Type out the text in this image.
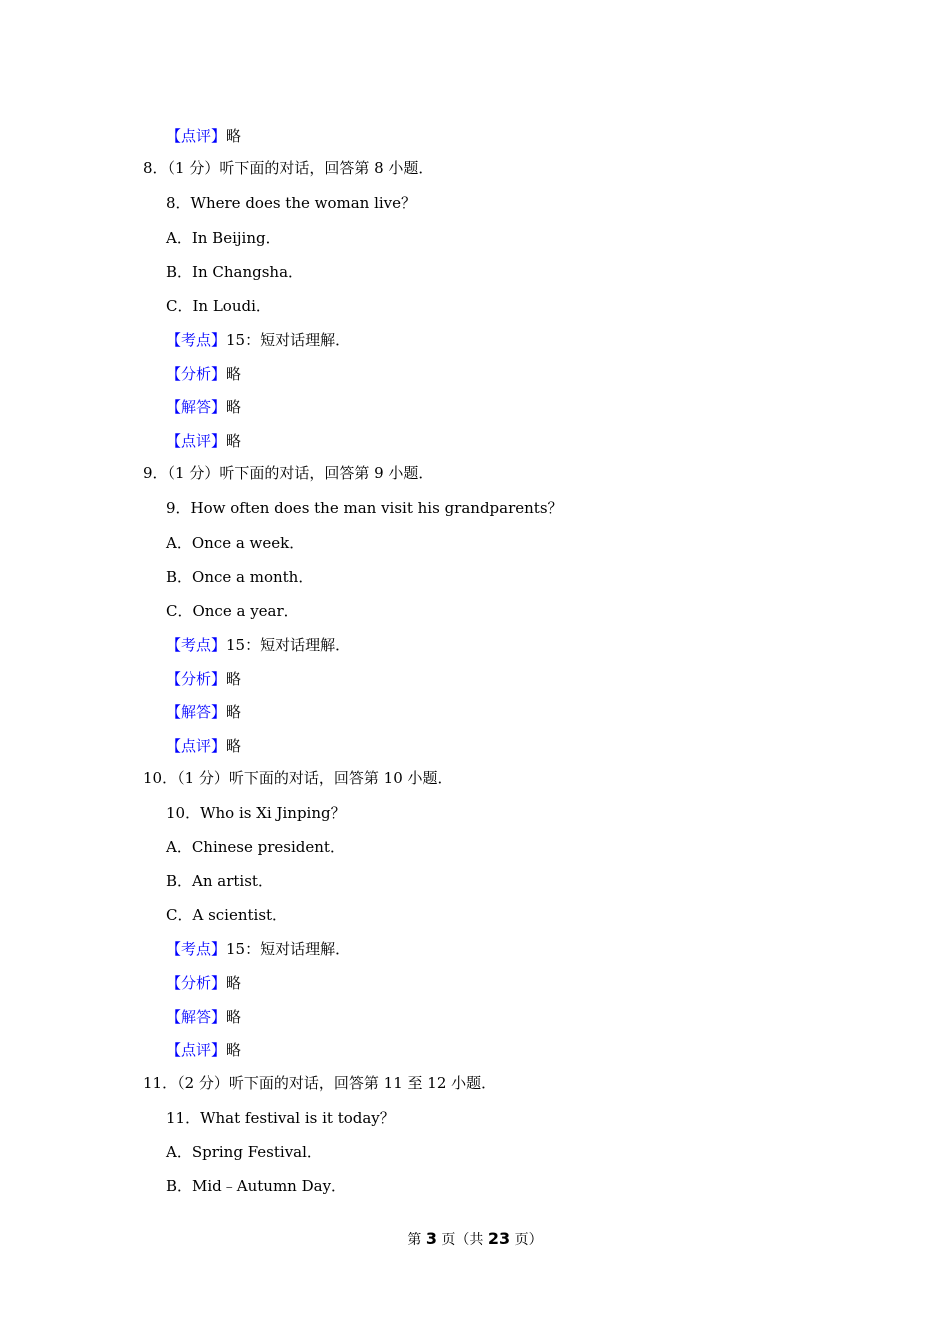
【点评】略
8．（1 分）听下面的对话，回答第 8 小题．
8．Where does the woman live？
A．In Beijing．
B．In Changsha．
C．In Loudi．
【考点】15：短对话理解．
【分析】略
【解答】略
【点评】略
9．（1 分）听下面的对话，回答第 9 小题．
9．How often does the man visit his grandparents？
A．Once a week．
B．Once a month．
C．Once a year．
【考点】15：短对话理解．
【分析】略
【解答】略
【点评】略
10．（1 分）听下面的对话，回答第 10 小题．
10．Who is Xi Jinping？
A．Chinese president．
B．An artist．
C．A scientist．
【考点】15：短对话理解．
【分析】略
【解答】略
【点评】略
11．（2 分）听下面的对话，回答第 11 至 12 小题．
11．What festival is it today？
A．Spring Festival．
B．Mid﹣Autumn Day．
第 3 页（共 23 页）
